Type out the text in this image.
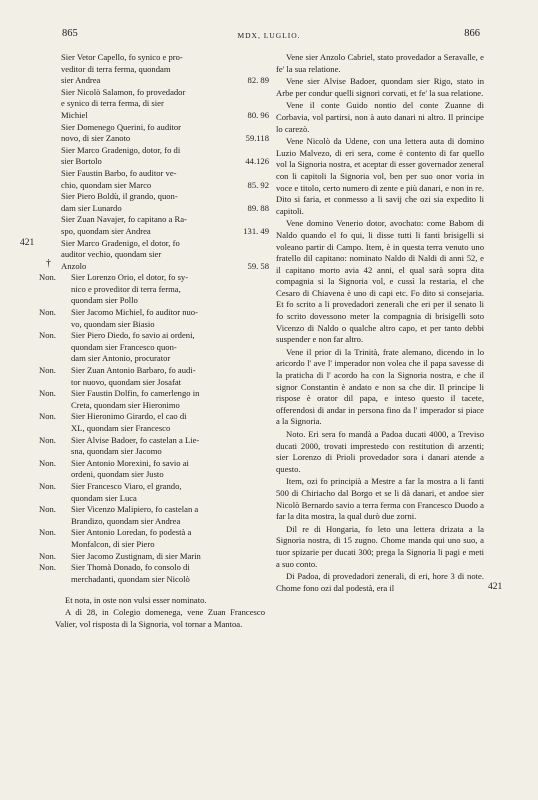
865	MDX, LUGLIO.	866
421
421
†
Sier Vetor Capello, fo synico e pro-
veditor di terra ferma, quondam
sier Andrea	82. 89
Sier Nicolò Salamon, fo provedador
e synico di terra ferma, di sier
Michiel	80. 96
Sier Domenego Querini, fo auditor
novo, di sier Zanoto	59.118
Sier Marco Gradenigo, dotor, fo di
sier Bortolo	44.126
Sier Faustin Barbo, fo auditor ve-
chio, quondam sier Marco	85. 92
Sier Piero Boldù, il grando, quon-
dam sier Lunardo	89. 88
Sier Zuan Navajer, fo capitano a Ra-
spo, quondam sier Andrea	131. 49
Sier Marco Gradenigo, el dotor, fo
auditor vechio, quondam sier
Anzolo	59. 58
Non. Sier Lorenzo Orio, el dotor, fo sy-
nico e proveditor di terra ferma,
quondam sier Pollo
Non. Sier Jacomo Michiel, fo auditor nuo-
vo, quondam sier Biasio
Non. Sier Piero Diedo, fo savio ai ordeni,
quondam sier Francesco quon-
dam sier Antonio, procurator
Non. Sier Zuan Antonio Barbaro, fo audi-
tor nuovo, quondam sier Josafat
Non. Sier Faustin Dolfin, fo camerlengo in
Creta, quondam sier Hieronimo
Non. Sier Hieronimo Girardo, el cao di
XL, quondam sier Francesco
Non. Sier Alvise Badoer, fo castelan a Lie-
sna, quondam sier Jacomo
Non. Sier Antonio Morexini, fo savio ai
ordeni, quondam sier Justo
Non. Sier Francesco Viaro, el grando,
quondam sier Luca
Non. Sier Vicenzo Malipiero, fo castelan a
Brandizo, quondam sier Andrea
Non. Sier Antonio Loredan, fo podestà a
Monfalcon, di sier Piero
Non. Sier Jacomo Zustignam, di sier Marin
Non. Sier Thomà Donado, fo consolo di
merchadanti, quondam sier Nicolò

Et nota, in oste non vulsi esser nominato.

A dì 28, in Colegio domenega, vene Zuan Francesco Valier, vol risposta di la Signoria, vol tornar a Mantoa.

Vene sier Anzolo Cabriel, stato provedador a Seravalle, e fe' la sua relatione.

Vene sier Alvise Badoer, quondam sier Rigo, stato in Arbe per condur quelli signori corvati, et fe' la sua relatione.

Vene il conte Guido nontio del conte Zuanne di Corbavia, vol partirsi, non à auto danari ni altro. Il principe lo carezò.

Vene Nicolò da Udene, con una lettera auta di domino Luzio Malvezo, di eri sera, come è contento di far quello vol la Signoria nostra, et aceptar di esser governador zeneral con li capitoli la Signoria vol, ben per suo onor voria in voce e titolo, certo numero di zente e più danari, e non in re. Dito si faria, et conmesso a li savij che ozi sia expedito li capitoli.

Vene domino Venerio dotor, avochato: come Babom di Naldo quando el fo qui, li disse tutti li fanti brisigelli si voleano partir di Campo. Item, è in questa terra venuto uno fratello dil capitano: nominato Naldo di Naldi di anni 52, e il capitano morto avia 42 anni, el qual sarà sopra dita compagnia si la Signoria vol, e cussì la restaria, el che Cesaro di Chiavena è uno di capi etc. Fo dito si consejaria. Et fo scrito a li provedadori zenerali che eri per il senato li fo scrito dovessono meter la compagnia di brisigelli soto Vicenzo di Naldo o qualche altro capo, et per tanto debbi suspender e non far altro.

Vene il prior di la Trinità, frate alemano, dicendo in lo aricordo l' ave l' imperador non volea che il papa savesse di la praticha di l' acordo ha con la Signoria nostra, e che il signor Constantin è andato e non sa che dir. Il principe li rispose è orator dil papa, e inteso questo il tacete, offerendosi di andar in persona fino da l' imperador si piace a la Signoria.

Noto. Eri sera fo mandà a Padoa ducati 4000, a Treviso ducati 2000, trovati imprestedo con restitution di arzenti; sier Lorenzo di Prioli provedador sora i danari atende a questo.

Item, ozi fo principià a Mestre a far la mostra a li fanti 500 di Chiriacho dal Borgo et se li dà danari, et andoe sier Nicolò Bernardo savio a terra ferma con Francesco Duodo a far la dita mostra, la qual durò due zorni.

Dil re di Hongaria, fo leto una lettera drizata a la Signoria nostra, di 15 zugno. Chome manda qui uno suo, a tuor spizarie per ducati 300; prega la Signoria li pagi e meti a suo conto.

Di Padoa, di provedadori zenerali, di eri, hore 3 di note. Chome fono ozi dal podestà, era il
